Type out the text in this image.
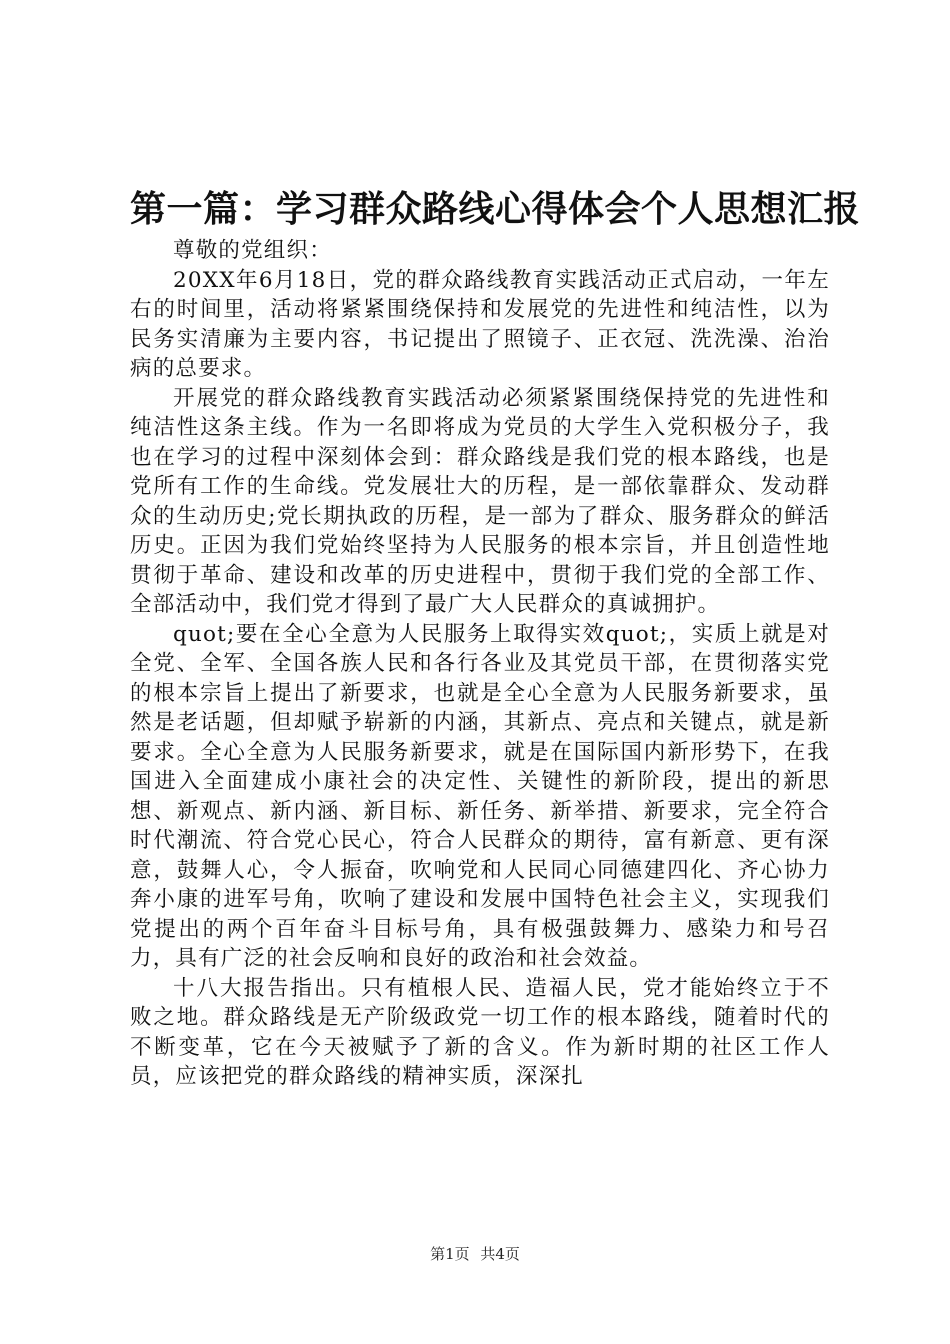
第一篇：学习群众路线心得体会个人思想汇报

尊敬的党组织：

20XX年6月18日，党的群众路线教育实践活动正式启动，一年左右的时间里，活动将紧紧围绕保持和发展党的先进性和纯洁性，以为民务实清廉为主要内容，书记提出了照镜子、正衣冠、洗洗澡、治治病的总要求。

开展党的群众路线教育实践活动必须紧紧围绕保持党的先进性和纯洁性这条主线。作为一名即将成为党员的大学生入党积极分子，我也在学习的过程中深刻体会到：群众路线是我们党的根本路线，也是党所有工作的生命线。党发展壮大的历程，是一部依靠群众、发动群众的生动历史;党长期执政的历程，是一部为了群众、服务群众的鲜活历史。正因为我们党始终坚持为人民服务的根本宗旨，并且创造性地贯彻于革命、建设和改革的历史进程中，贯彻于我们党的全部工作、全部活动中，我们党才得到了最广大人民群众的真诚拥护。

quot;要在全心全意为人民服务上取得实效quot;，实质上就是对全党、全军、全国各族人民和各行各业及其党员干部，在贯彻落实党的根本宗旨上提出了新要求，也就是全心全意为人民服务新要求，虽然是老话题，但却赋予崭新的内涵，其新点、亮点和关键点，就是新要求。全心全意为人民服务新要求，就是在国际国内新形势下，在我国进入全面建成小康社会的决定性、关键性的新阶段，提出的新思想、新观点、新内涵、新目标、新任务、新举措、新要求，完全符合时代潮流、符合党心民心，符合人民群众的期待，富有新意、更有深意，鼓舞人心，令人振奋，吹响党和人民同心同德建四化、齐心协力奔小康的进军号角，吹响了建设和发展中国特色社会主义，实现我们党提出的两个百年奋斗目标号角，具有极强鼓舞力、感染力和号召力，具有广泛的社会反响和良好的政治和社会效益。

十八大报告指出。只有植根人民、造福人民，党才能始终立于不败之地。群众路线是无产阶级政党一切工作的根本路线，随着时代的不断变革，它在今天被赋予了新的含义。作为新时期的社区工作人员，应该把党的群众路线的精神实质，深深扎

第1页 共4页
